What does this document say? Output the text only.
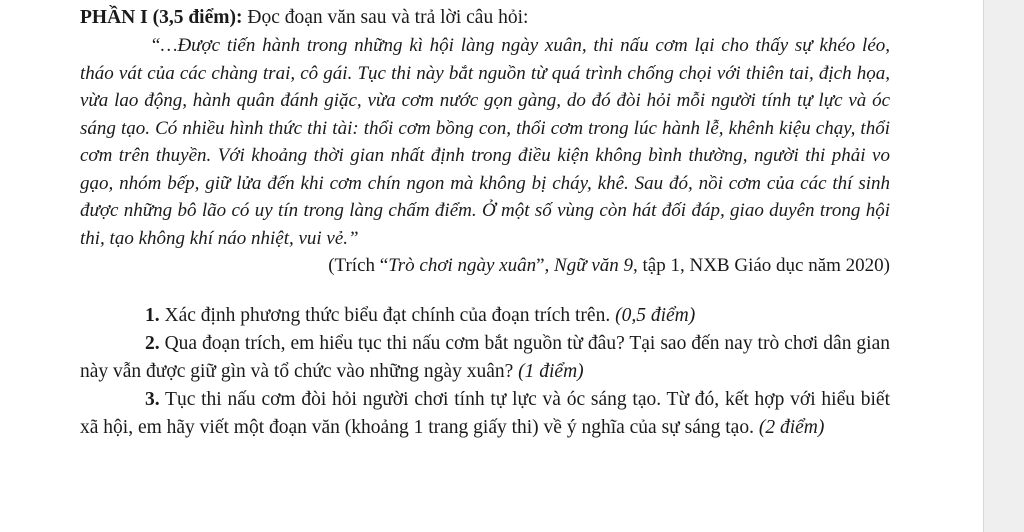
PHẦN I (3,5 điểm): Đọc đoạn văn sau và trả lời câu hỏi:

“…Được tiến hành trong những kì hội làng ngày xuân, thi nấu cơm lại cho thấy sự khéo léo, tháo vát của các chàng trai, cô gái. Tục thi này bắt nguồn từ quá trình chống chọi với thiên tai, địch họa, vừa lao động, hành quân đánh giặc, vừa cơm nước gọn gàng, do đó đòi hỏi mỗi người tính tự lực và óc sáng tạo. Có nhiều hình thức thi tài: thổi cơm bồng con, thổi cơm trong lúc hành lễ, khênh kiệu chạy, thổi cơm trên thuyền. Với khoảng thời gian nhất định trong điều kiện không bình thường, người thi phải vo gạo, nhóm bếp, giữ lửa đến khi cơm chín ngon mà không bị cháy, khê. Sau đó, nồi cơm của các thí sinh được những bô lão có uy tín trong làng chấm điểm. Ở một số vùng còn hát đối đáp, giao duyên trong hội thi, tạo không khí náo nhiệt, vui vẻ.”

(Trích “Trò chơi ngày xuân”, Ngữ văn 9, tập 1, NXB Giáo dục năm 2020)

1. Xác định phương thức biểu đạt chính của đoạn trích trên. (0,5 điểm)

2. Qua đoạn trích, em hiểu tục thi nấu cơm bắt nguồn từ đâu? Tại sao đến nay trò chơi dân gian này vẫn được giữ gìn và tổ chức vào những ngày xuân? (1 điểm)

3. Tục thi nấu cơm đòi hỏi người chơi tính tự lực và óc sáng tạo. Từ đó, kết hợp với hiểu biết xã hội, em hãy viết một đoạn văn (khoảng 1 trang giấy thi) về ý nghĩa của sự sáng tạo. (2 điểm)
